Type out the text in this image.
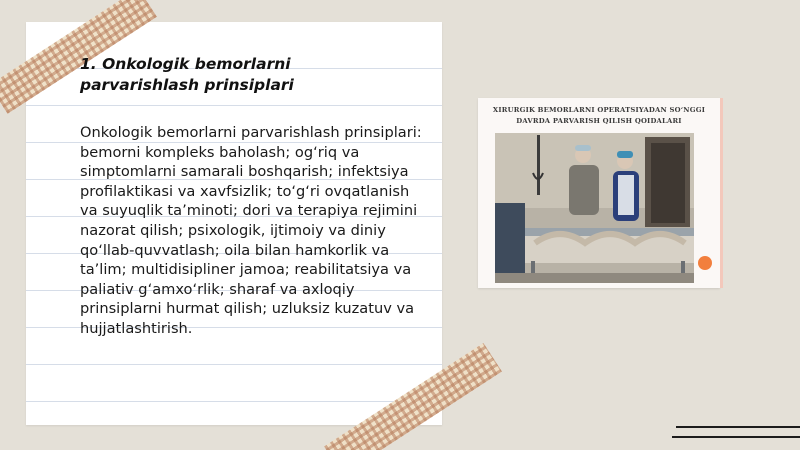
1. Onkologik bemorlarni parvarishlash prinsiplari

Onkologik bemorlarni parvarishlash prinsiplari: bemorni kompleks baholash; og‘riq va simptomlarni samarali boshqarish; infektsiya profilaktikasi va xavfsizlik; to‘g‘ri ovqatlanish va suyuqlik ta’minoti; dori va terapiya rejimini nazorat qilish; psixologik, ijtimoiy va diniy qo‘llab-quvvatlash; oila bilan hamkorlik va ta’lim; multidisipliner jamoa; reabilitatsiya va paliativ g‘amxo‘rlik; sharaf va axloqiy prinsiplarni hurmat qilish; uzluksiz kuzatuv va hujjatlashtirish.

XIRURGIK BEMORLARNI OPERATSIYADAN SO‘NGGI DAVRDA PARVARISH QILISH QOIDALARI
